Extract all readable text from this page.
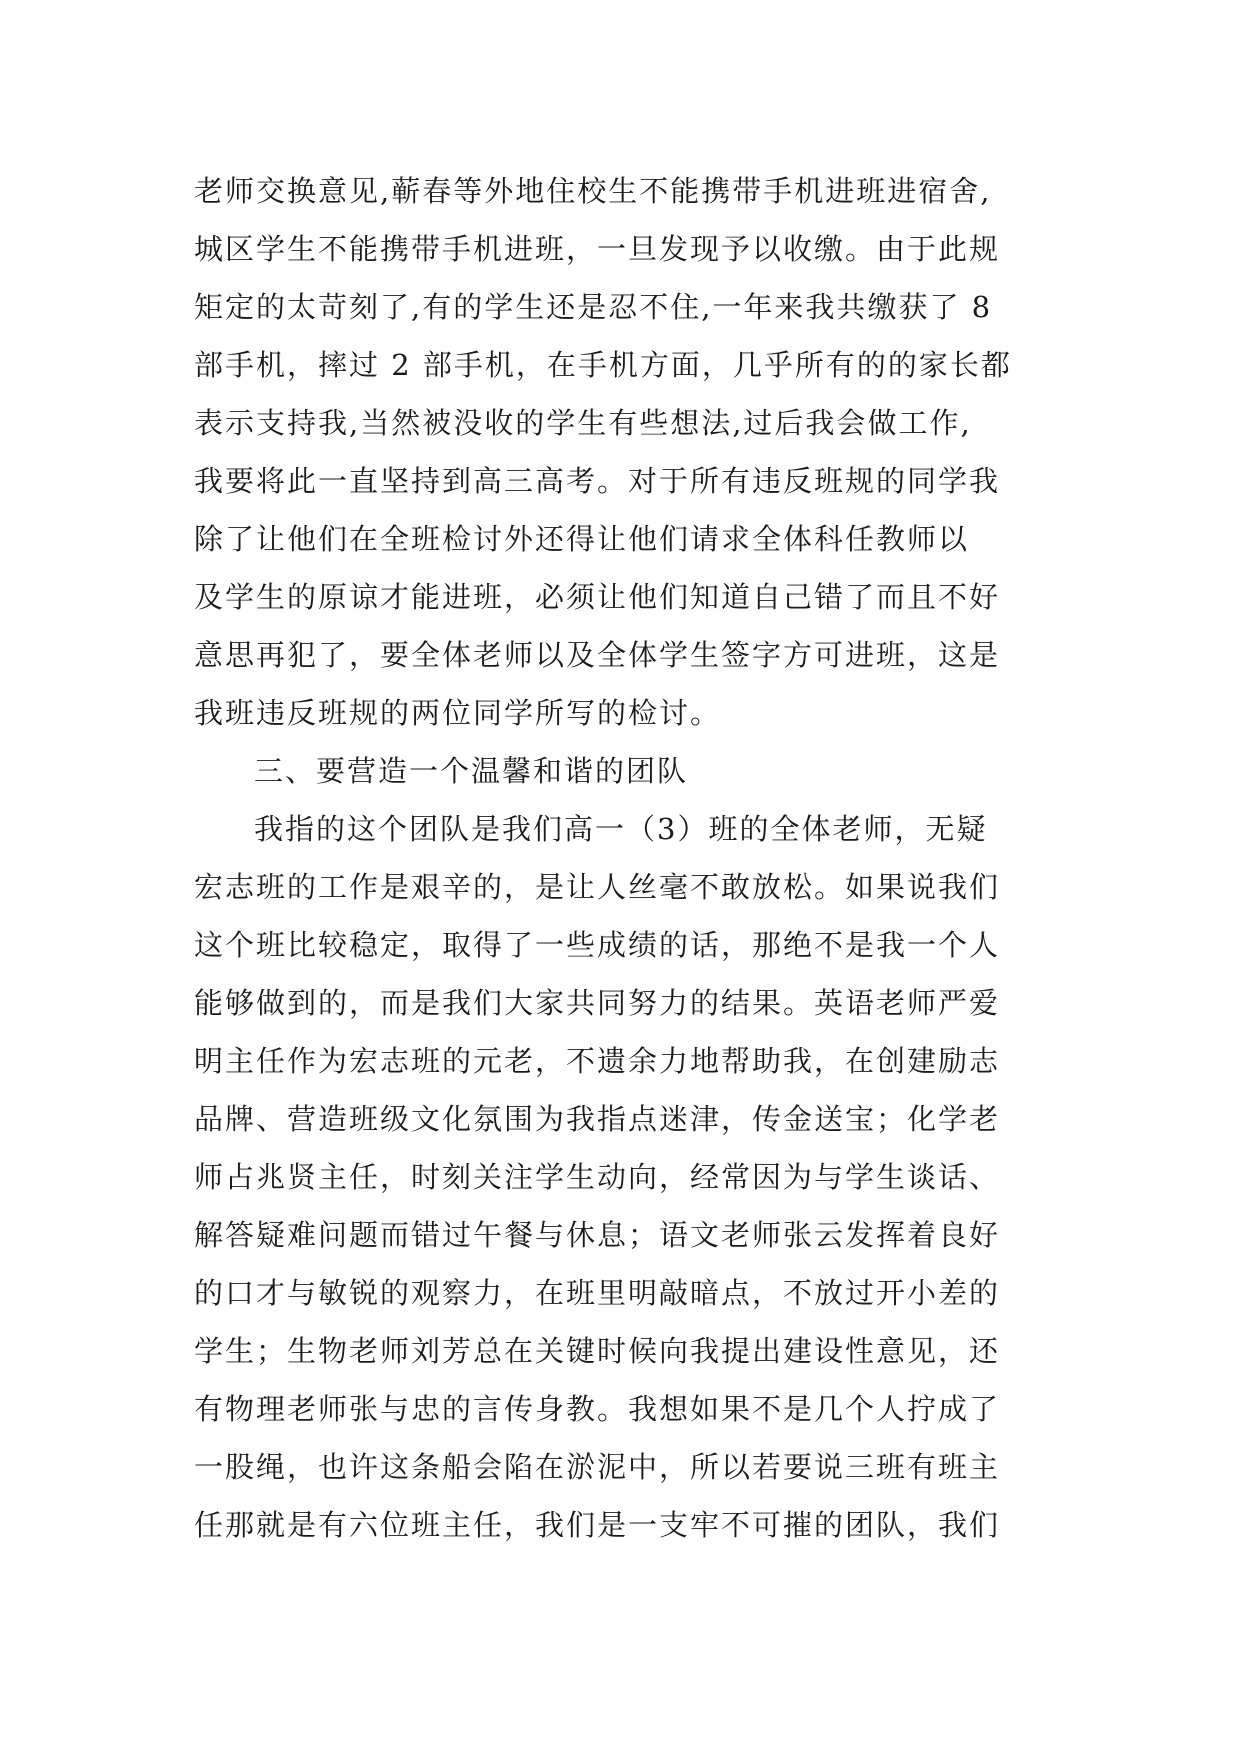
老师交换意见,蕲春等外地住校生不能携带手机进班进宿舍,
城区学生不能携带手机进班，一旦发现予以收缴。由于此规
矩定的太苛刻了,有的学生还是忍不住,一年来我共缴获了 8
部手机，摔过 2 部手机，在手机方面，几乎所有的的家长都
表示支持我,当然被没收的学生有些想法,过后我会做工作,
我要将此一直坚持到高三高考。对于所有违反班规的同学我
除了让他们在全班检讨外还得让他们请求全体科任教师以
及学生的原谅才能进班，必须让他们知道自己错了而且不好
意思再犯了，要全体老师以及全体学生签字方可进班，这是
我班违反班规的两位同学所写的检讨。
三、要营造一个温馨和谐的团队
我指的这个团队是我们高一（3）班的全体老师，无疑
宏志班的工作是艰辛的，是让人丝毫不敢放松。如果说我们
这个班比较稳定，取得了一些成绩的话，那绝不是我一个人
能够做到的，而是我们大家共同努力的结果。英语老师严爱
明主任作为宏志班的元老，不遗余力地帮助我，在创建励志
品牌、营造班级文化氛围为我指点迷津，传金送宝；化学老
师占兆贤主任，时刻关注学生动向，经常因为与学生谈话、
解答疑难问题而错过午餐与休息；语文老师张云发挥着良好
的口才与敏锐的观察力，在班里明敲暗点，不放过开小差的
学生；生物老师刘芳总在关键时候向我提出建设性意见，还
有物理老师张与忠的言传身教。我想如果不是几个人拧成了
一股绳，也许这条船会陷在淤泥中，所以若要说三班有班主
任那就是有六位班主任，我们是一支牢不可摧的团队，我们
